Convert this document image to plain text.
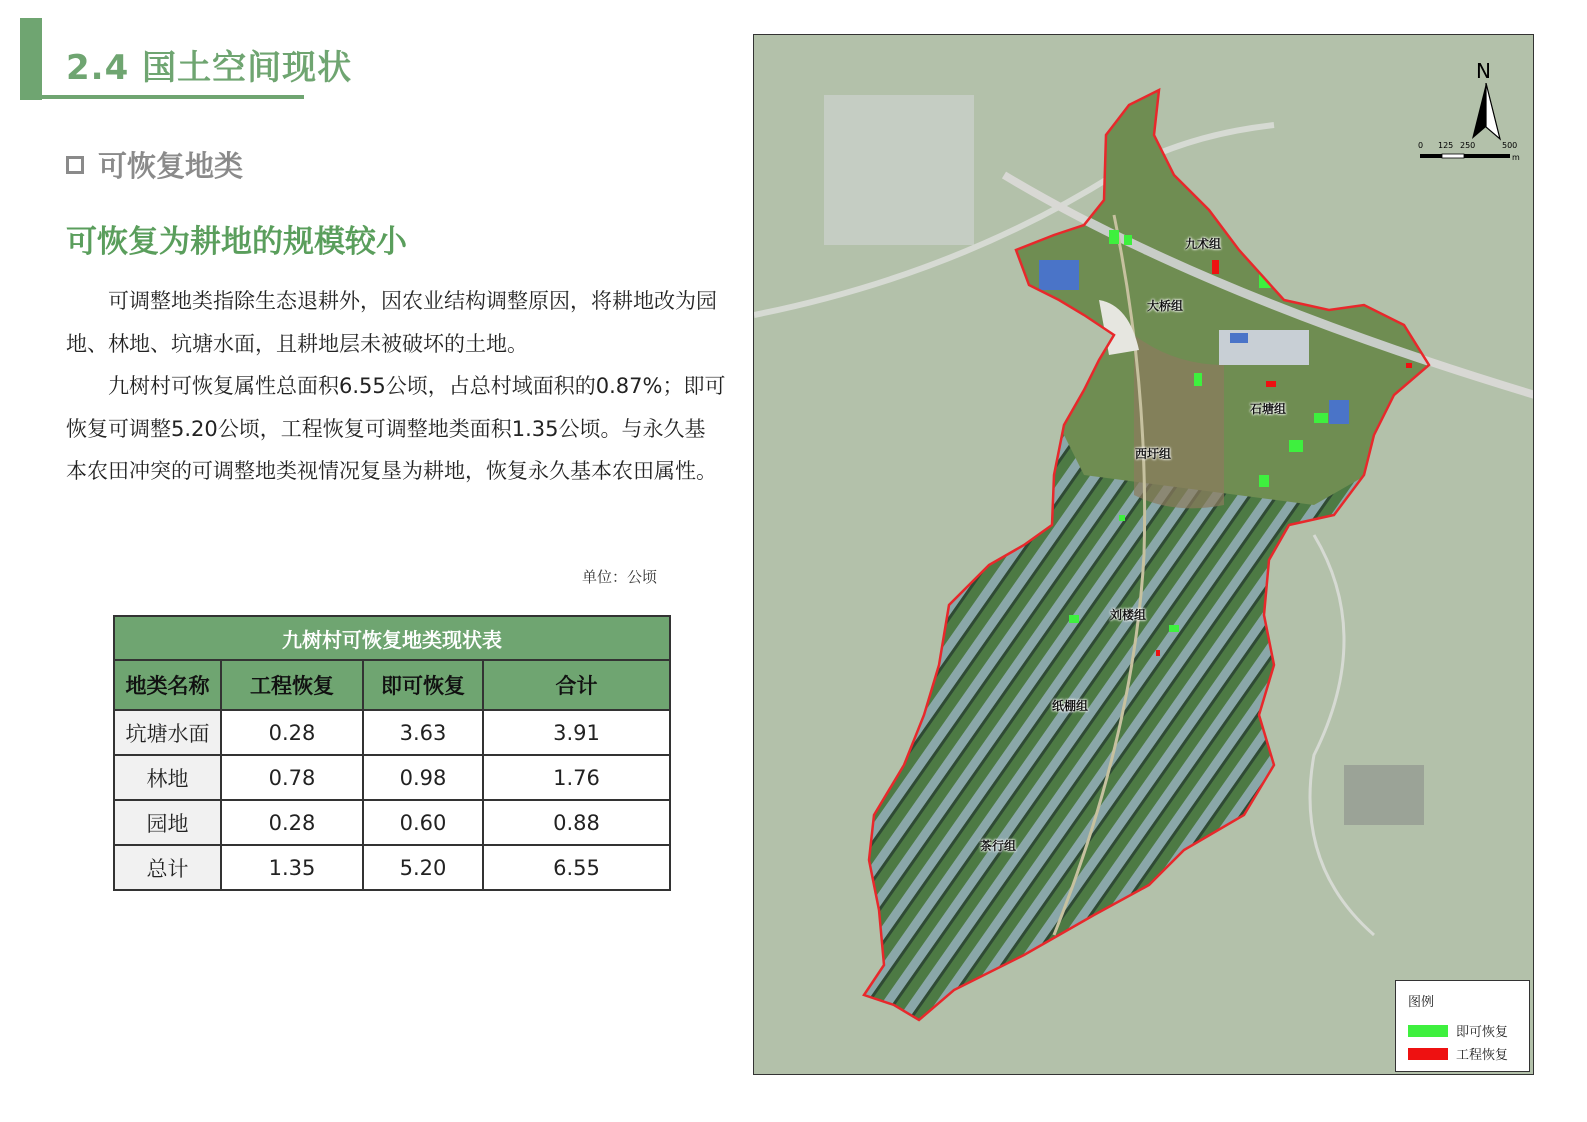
2.4 国土空间现状
可恢复地类
可恢复为耕地的规模较小

可调整地类指除生态退耕外，因农业结构调整原因，将耕地改为园地、林地、坑塘水面，且耕地层未被破坏的土地。

九树村可恢复属性总面积6.55公顷，占总村域面积的0.87%；即可恢复可调整5.20公顷，工程恢复可调整地类面积1.35公顷。与永久基本农田冲突的可调整地类视情况复垦为耕地，恢复永久基本农田属性。

单位：公顷
九树村可恢复地类现状表			
地类名称	工程恢复	即可恢复	合计
坑塘水面	0.28	3.63	3.91
林地	0.78	0.98	1.76
园地	0.28	0.60	0.88
总计	1.35	5.20	6.55
九术组
大桥组
石塘组
西圩组
刘楼组
纸棚组
茶行组
N
0 125 250	500
m
图例
即可恢复
工程恢复
